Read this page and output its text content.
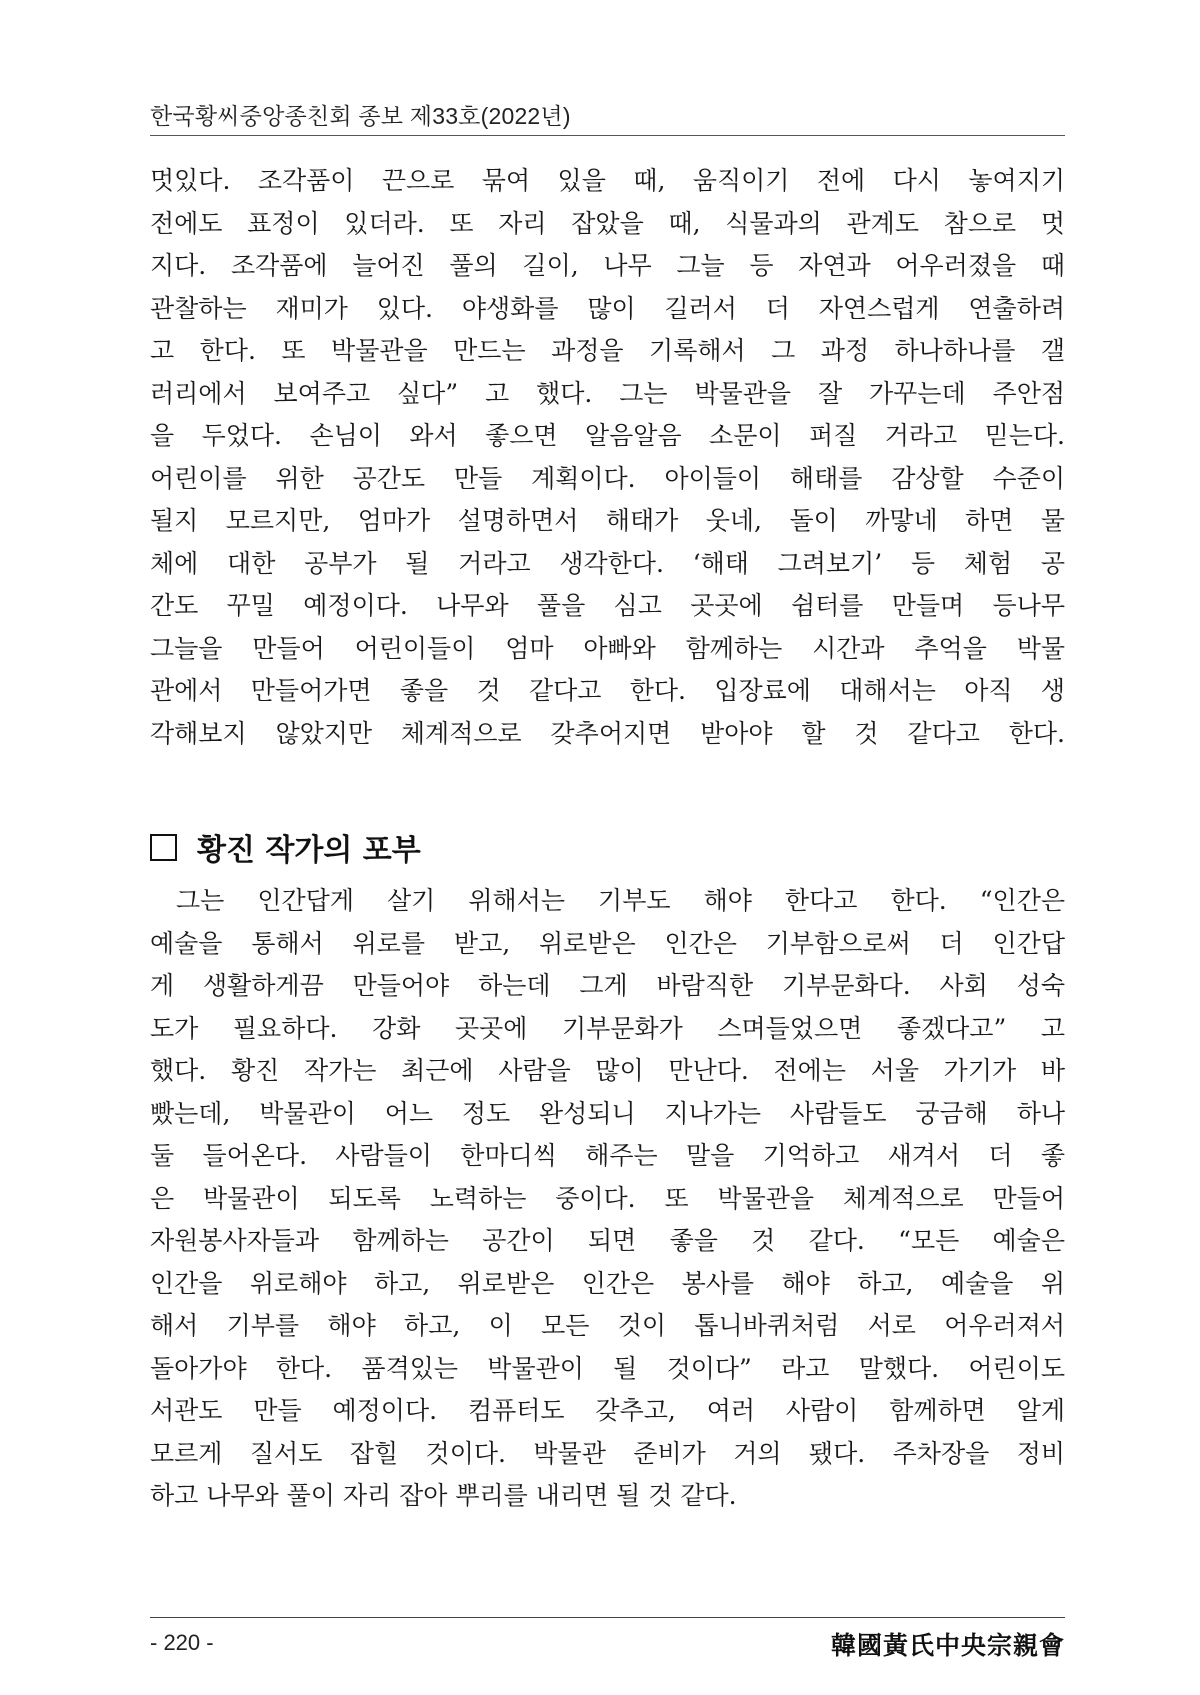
한국황씨중앙종친회 종보 제33호(2022년)
멋있다. 조각품이 끈으로 묶여 있을 때, 움직이기 전에 다시 놓여지기
전에도 표정이 있더라. 또 자리 잡았을 때, 식물과의 관계도 참으로 멋
지다. 조각품에 늘어진 풀의 길이, 나무 그늘 등 자연과 어우러졌을 때
관찰하는 재미가 있다. 야생화를 많이 길러서 더 자연스럽게 연출하려
고 한다. 또 박물관을 만드는 과정을 기록해서 그 과정 하나하나를 갤
러리에서 보여주고 싶다” 고 했다. 그는 박물관을 잘 가꾸는데 주안점
을 두었다. 손님이 와서 좋으면 알음알음 소문이 퍼질 거라고 믿는다.
어린이를 위한 공간도 만들 계획이다. 아이들이 해태를 감상할 수준이
될지 모르지만, 엄마가 설명하면서 해태가 웃네, 돌이 까맣네 하면 물
체에 대한 공부가 될 거라고 생각한다. ‘해태 그려보기’ 등 체험 공
간도 꾸밀 예정이다. 나무와 풀을 심고 곳곳에 쉼터를 만들며 등나무
그늘을 만들어 어린이들이 엄마 아빠와 함께하는 시간과 추억을 박물
관에서 만들어가면 좋을 것 같다고 한다. 입장료에 대해서는 아직 생
각해보지 않았지만 체계적으로 갖추어지면 받아야 할 것 같다고 한다.
황진 작가의 포부
그는 인간답게 살기 위해서는 기부도 해야 한다고 한다. “인간은
예술을 통해서 위로를 받고, 위로받은 인간은 기부함으로써 더 인간답
게 생활하게끔 만들어야 하는데 그게 바람직한 기부문화다. 사회 성숙
도가 필요하다. 강화 곳곳에 기부문화가 스며들었으면 좋겠다고” 고
했다. 황진 작가는 최근에 사람을 많이 만난다. 전에는 서울 가기가 바
빴는데, 박물관이 어느 정도 완성되니 지나가는 사람들도 궁금해 하나
둘 들어온다. 사람들이 한마디씩 해주는 말을 기억하고 새겨서 더 좋
은 박물관이 되도록 노력하는 중이다. 또 박물관을 체계적으로 만들어
자원봉사자들과 함께하는 공간이 되면 좋을 것 같다. “모든 예술은
인간을 위로해야 하고, 위로받은 인간은 봉사를 해야 하고, 예술을 위
해서 기부를 해야 하고, 이 모든 것이 톱니바퀴처럼 서로 어우러져서
돌아가야 한다. 품격있는 박물관이 될 것이다” 라고 말했다. 어린이도
서관도 만들 예정이다. 컴퓨터도 갖추고, 여러 사람이 함께하면 알게
모르게 질서도 잡힐 것이다. 박물관 준비가 거의 됐다. 주차장을 정비
하고 나무와 풀이 자리 잡아 뿌리를 내리면 될 것 같다.
- 220 -	韓國黃氏中央宗親會
